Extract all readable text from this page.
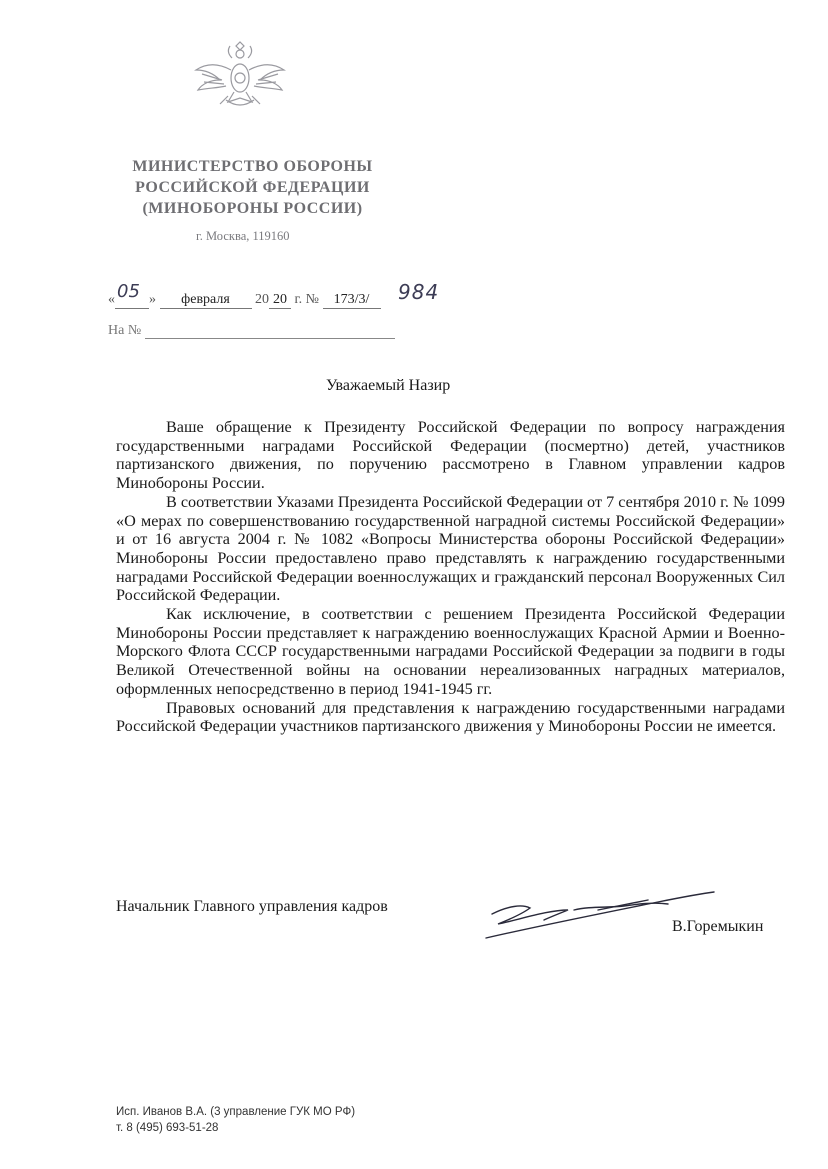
МИНИСТЕРСТВО ОБОРОНЫ
РОССИЙСКОЙ ФЕДЕРАЦИИ
(МИНОБОРОНЫ РОССИИ)
г. Москва, 119160
« » февраля 20 20 г. № 173/3/
05	984
На №
Уважаемый Назир

Ваше обращение к Президенту Российской Федерации по вопросу награждения государственными наградами Российской Федерации (посмертно) детей, участников партизанского движения, по поручению рассмотрено в Главном управлении кадров Минобороны России.

В соответствии Указами Президента Российской Федерации от 7 сентября 2010 г. № 1099 «О мерах по совершенствованию государственной наградной системы Российской Федерации» и от 16 августа 2004 г. № 1082 «Вопросы Министерства обороны Российской Федерации» Минобороны России предоставлено право представлять к награждению государственными наградами Российской Федерации военнослужащих и гражданский персонал Вооруженных Сил Российской Федерации.

Как исключение, в соответствии с решением Президента Российской Федерации Минобороны России представляет к награждению военнослужащих Красной Армии и Военно-Морского Флота СССР государственными наградами Российской Федерации за подвиги в годы Великой Отечественной войны на основании нереализованных наградных материалов, оформленных непосредственно в период 1941-1945 гг.

Правовых оснований для представления к награждению государственными наградами Российской Федерации участников партизанского движения у Минобороны России не имеется.

Начальник Главного управления кадров
В.Горемыкин
Исп. Иванов В.А. (3 управление ГУК МО РФ)
т. 8 (495) 693-51-28
